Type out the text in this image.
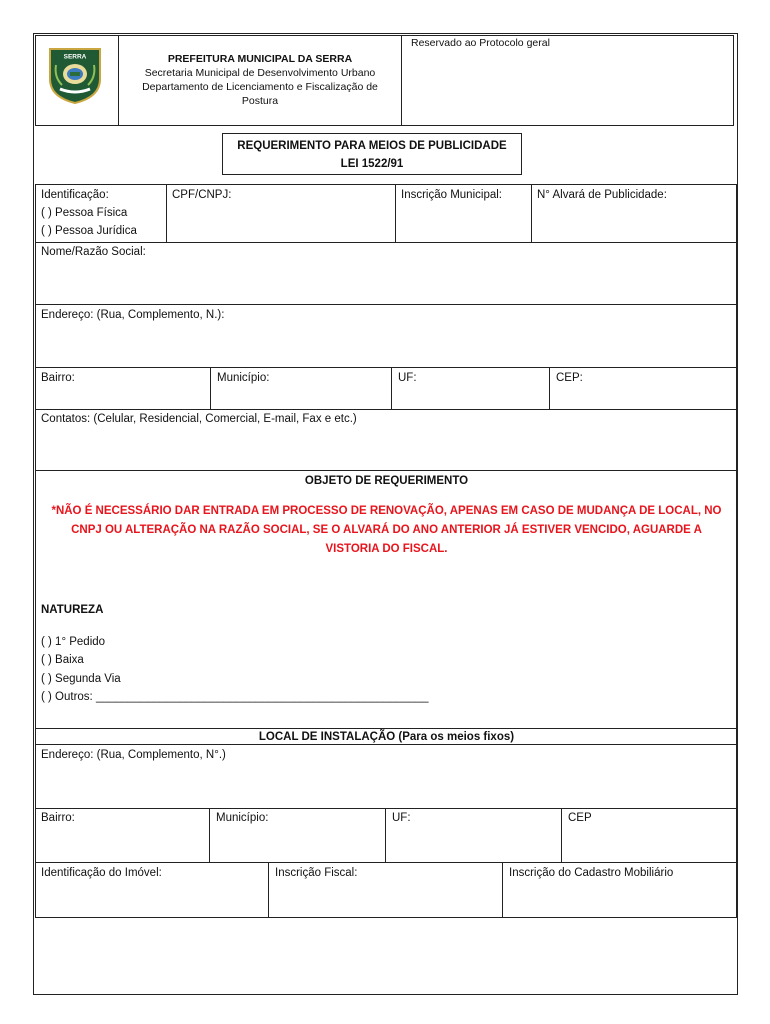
SERRA	PREFEITURA MUNICIPAL DA SERRA
Secretaria Municipal de Desenvolvimento Urbano
Departamento de Licenciamento e Fiscalização de
Postura
Reservado ao Protocolo geral
REQUERIMENTO PARA MEIOS DE PUBLICIDADE
LEI 1522/91
Identificação:
( ) Pessoa Física
( ) Pessoa Jurídica
CPF/CNPJ:	Inscrição Municipal:	N° Alvará de Publicidade:
Nome/Razão Social:
Endereço: (Rua, Complemento, N.):
Bairro:	Município:	UF:	CEP:
Contatos: (Celular, Residencial, Comercial, E-mail, Fax e etc.)
OBJETO DE REQUERIMENTO
*NÃO É NECESSÁRIO DAR ENTRADA EM PROCESSO DE RENOVAÇÃO, APENAS EM CASO DE MUDANÇA DE LOCAL, NO
CNPJ OU ALTERAÇÃO NA RAZÃO SOCIAL, SE O ALVARÁ DO ANO ANTERIOR JÁ ESTIVER VENCIDO, AGUARDE A
VISTORIA DO FISCAL.
NATUREZA
( ) 1° Pedido
( ) Baixa
( ) Segunda Via
( ) Outros: ____________________________________________________
LOCAL DE INSTALAÇÃO (Para os meios fixos)
Endereço: (Rua, Complemento, N°.)
Bairro:	Município:	UF:	CEP
Identificação do Imóvel:	Inscrição Fiscal:	Inscrição do Cadastro Mobiliário
